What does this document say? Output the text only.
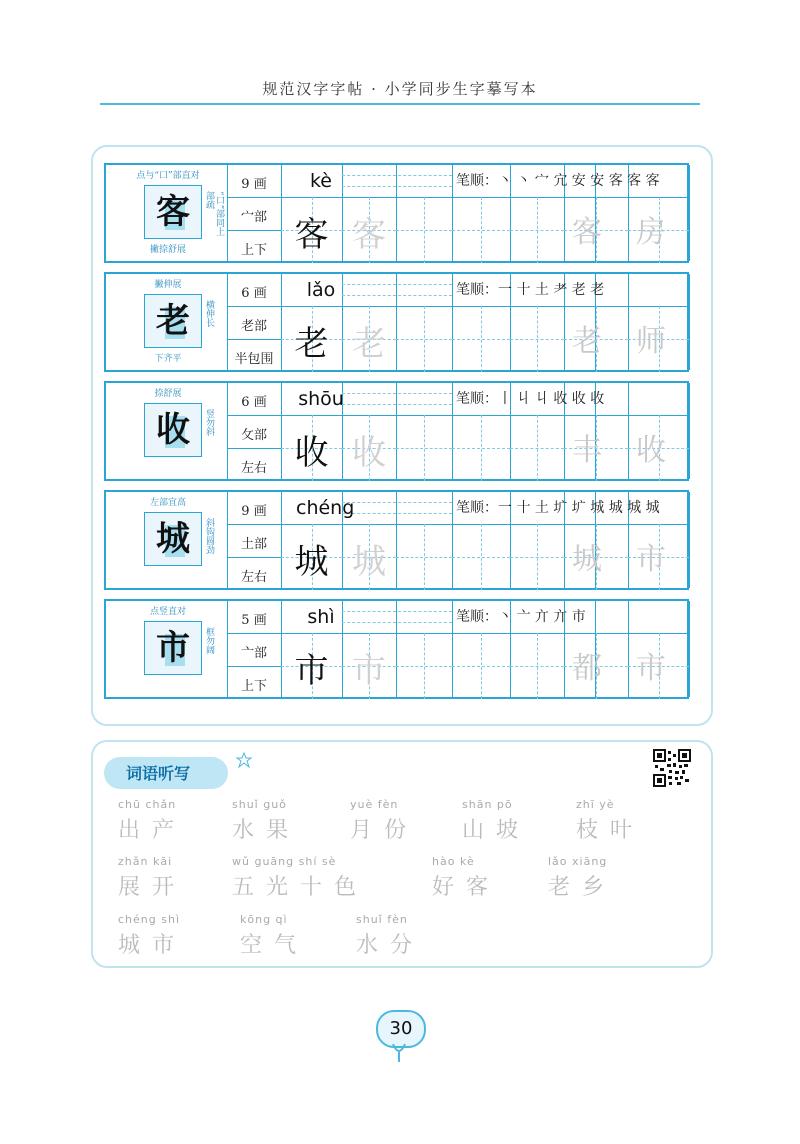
规范汉字字帖 · 小学同步生字摹写本
客
点与“口”部直对
“口”部同上部疏
撇捺舒展
9 画
宀部
上下
kè
客 客
笔顺：丶 丶 宀 宂 安 安 客 客 客
客 房
老
撇伸展
横伸长
下齐平
6 画
老部
半包围
lǎo
老 老
笔顺：一 十 土 耂 老 老
老 师
收
捺舒展
竖勿斜
6 画
攵部
左右
shōu
收 收
笔顺：丨 丩 丩 收 收 收
丰 收
城
左部宜高
斜钩圆劲
9 画
土部
左右
chéng
城 城
笔顺：一 十 土 圹 圹 城 城 城 城
城 市
市
点竖直对
框勿阔
5 画
亠部
上下
shì
市 市
笔顺：丶 亠 亣 亣 市
都 市
词语听写
chū chǎn
出产
shuǐ guǒ
水果
yuè fèn
月份
shān pō
山坡
zhī yè
枝叶
zhǎn kāi
展开
wǔ guāng shí sè
五光十色
hào kè
好客
lǎo xiāng
老乡
chéng shì
城市
kōng qì
空气
shuǐ fèn
水分
30
